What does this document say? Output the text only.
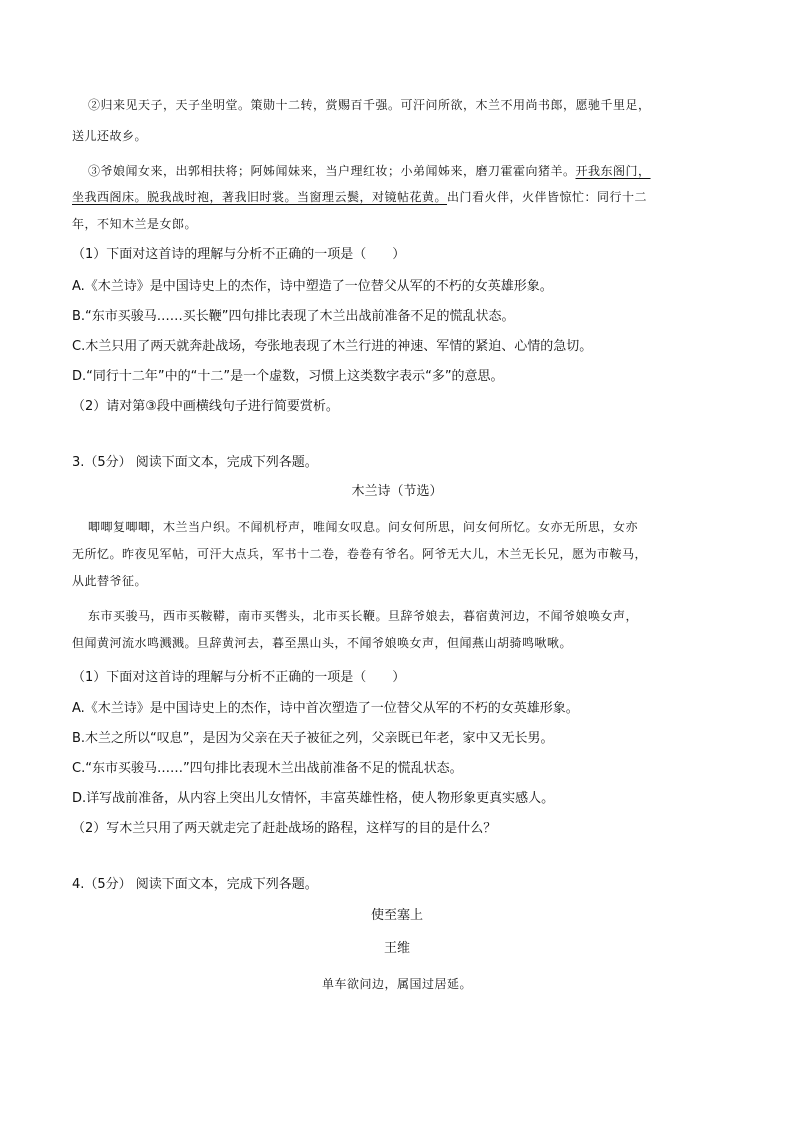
②归来见天子，天子坐明堂。策勋十二转，赏赐百千强。可汗问所欲，木兰不用尚书郎，愿驰千里足，
送儿还故乡。
③爷娘闻女来，出郭相扶将；阿姊闻妹来，当户理红妆；小弟闻姊来，磨刀霍霍向猪羊。开我东阁门，
坐我西阁床。脱我战时袍，著我旧时裳。当窗理云鬓，对镜帖花黄。出门看火伴，火伴皆惊忙：同行十二
年，不知木兰是女郎。
（1）下面对这首诗的理解与分析不正确的一项是（　　）
A.《木兰诗》是中国诗史上的杰作，诗中塑造了一位替父从军的不朽的女英雄形象。
B.“东市买骏马……买长鞭”四句排比表现了木兰出战前准备不足的慌乱状态。
C.木兰只用了两天就奔赴战场，夸张地表现了木兰行进的神速、军情的紧迫、心情的急切。
D.“同行十二年”中的“十二”是一个虚数，习惯上这类数字表示“多”的意思。
（2）请对第③段中画横线句子进行简要赏析。
3.（5分） 阅读下面文本，完成下列各题。
木兰诗（节选）
唧唧复唧唧，木兰当户织。不闻机杼声，唯闻女叹息。问女何所思，问女何所忆。女亦无所思，女亦
无所忆。昨夜见军帖，可汗大点兵，军书十二卷，卷卷有爷名。阿爷无大儿，木兰无长兄，愿为市鞍马，
从此替爷征。
东市买骏马，西市买鞍鞯，南市买辔头，北市买长鞭。旦辞爷娘去，暮宿黄河边，不闻爷娘唤女声，
但闻黄河流水鸣溅溅。旦辞黄河去，暮至黑山头，不闻爷娘唤女声，但闻燕山胡骑鸣啾啾。
（1）下面对这首诗的理解与分析不正确的一项是（　　）
A.《木兰诗》是中国诗史上的杰作，诗中首次塑造了一位替父从军的不朽的女英雄形象。
B.木兰之所以“叹息”，是因为父亲在天子被征之列，父亲既已年老，家中又无长男。
C.“东市买骏马……”四句排比表现木兰出战前准备不足的慌乱状态。
D.详写战前准备，从内容上突出儿女情怀，丰富英雄性格，使人物形象更真实感人。
（2）写木兰只用了两天就走完了赶赴战场的路程，这样写的目的是什么？
4.（5分） 阅读下面文本，完成下列各题。
使至塞上
王维
单车欲问边，属国过居延。
